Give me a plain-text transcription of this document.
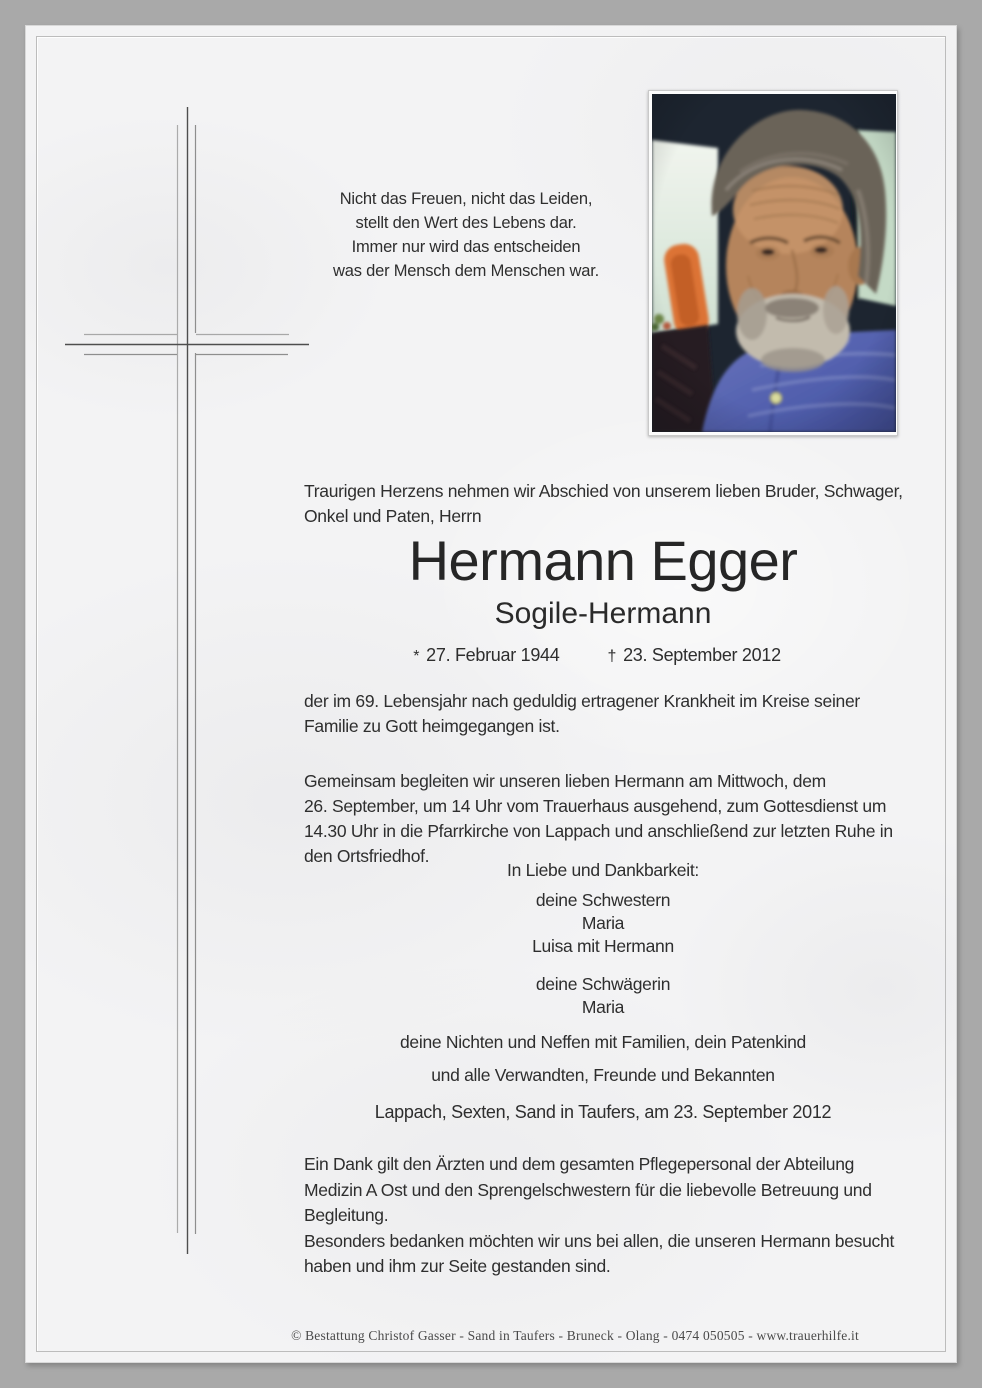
Nicht das Freuen, nicht das Leiden,
stellt den Wert des Lebens dar.
Immer nur wird das entscheiden
was der Mensch dem Menschen war.

Traurigen Herzens nehmen wir Abschied von unserem lieben Bruder, Schwager,
Onkel und Paten, Herrn

Hermann Egger
Sogile-Hermann
* 27. Februar 1944	† 23. September 2012

der im 69. Lebensjahr nach geduldig ertragener Krankheit im Kreise seiner
Familie zu Gott heimgegangen ist.

Gemeinsam begleiten wir unseren lieben Hermann am Mittwoch, dem
26. September, um 14 Uhr vom Trauerhaus ausgehend, zum Gottesdienst um
14.30 Uhr in die Pfarrkirche von Lappach und anschließend zur letzten Ruhe in
den Ortsfriedhof.

In Liebe und Dankbarkeit:
deine Schwestern
Maria
Luisa mit Hermann
deine Schwägerin
Maria
deine Nichten und Neffen mit Familien, dein Patenkind
und alle Verwandten, Freunde und Bekannten
Lappach, Sexten, Sand in Taufers, am 23. September 2012

Ein Dank gilt den Ärzten und dem gesamten Pflegepersonal der Abteilung
Medizin A Ost und den Sprengelschwestern für die liebevolle Betreuung und
Begleitung.
Besonders bedanken möchten wir uns bei allen, die unseren Hermann besucht
haben und ihm zur Seite gestanden sind.

© Bestattung Christof Gasser - Sand in Taufers - Bruneck - Olang - 0474 050505 - www.trauerhilfe.it
